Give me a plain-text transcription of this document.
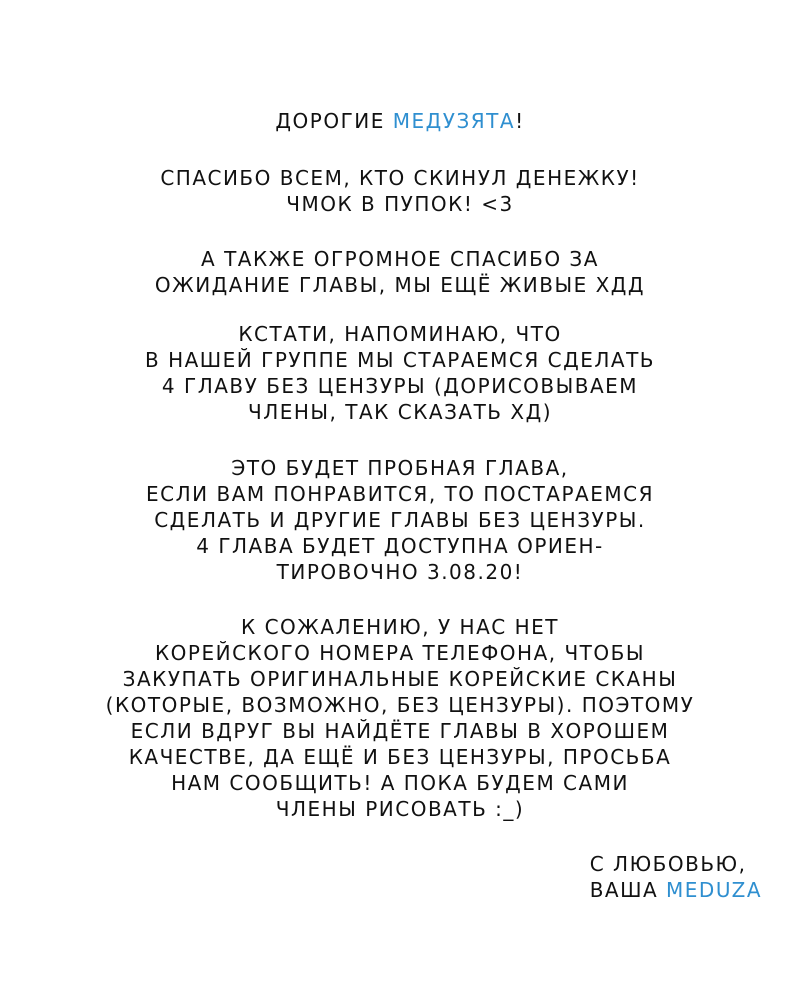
ДОРОГИЕ МЕДУЗЯТА!
СПАСИБО ВСЕМ, КТО СКИНУЛ ДЕНЕЖКУ!
ЧМОК В ПУПОК! <3
А ТАКЖЕ ОГРОМНОЕ СПАСИБО ЗА
ОЖИДАНИЕ ГЛАВЫ, МЫ ЕЩЁ ЖИВЫЕ ХДД
КСТАТИ, НАПОМИНАЮ, ЧТО
В НАШЕЙ ГРУППЕ МЫ СТАРАЕМСЯ СДЕЛАТЬ
4 ГЛАВУ БЕЗ ЦЕНЗУРЫ (ДОРИСОВЫВАЕМ
ЧЛЕНЫ, ТАК СКАЗАТЬ ХД)
ЭТО БУДЕТ ПРОБНАЯ ГЛАВА,
ЕСЛИ ВАМ ПОНРАВИТСЯ, ТО ПОСТАРАЕМСЯ
СДЕЛАТЬ И ДРУГИЕ ГЛАВЫ БЕЗ ЦЕНЗУРЫ.
4 ГЛАВА БУДЕТ ДОСТУПНА ОРИЕН-
ТИРОВОЧНО 3.08.20!
К СОЖАЛЕНИЮ, У НАС НЕТ
КОРЕЙСКОГО НОМЕРА ТЕЛЕФОНА, ЧТОБЫ
ЗАКУПАТЬ ОРИГИНАЛЬНЫЕ КОРЕЙСКИЕ СКАНЫ
(КОТОРЫЕ, ВОЗМОЖНО, БЕЗ ЦЕНЗУРЫ). ПОЭТОМУ
ЕСЛИ ВДРУГ ВЫ НАЙДЁТЕ ГЛАВЫ В ХОРОШЕМ
КАЧЕСТВЕ, ДА ЕЩЁ И БЕЗ ЦЕНЗУРЫ, ПРОСЬБА
НАМ СООБЩИТЬ! А ПОКА БУДЕМ САМИ
ЧЛЕНЫ РИСОВАТЬ :_)
С ЛЮБОВЬЮ,
ВАША MEDUZA
